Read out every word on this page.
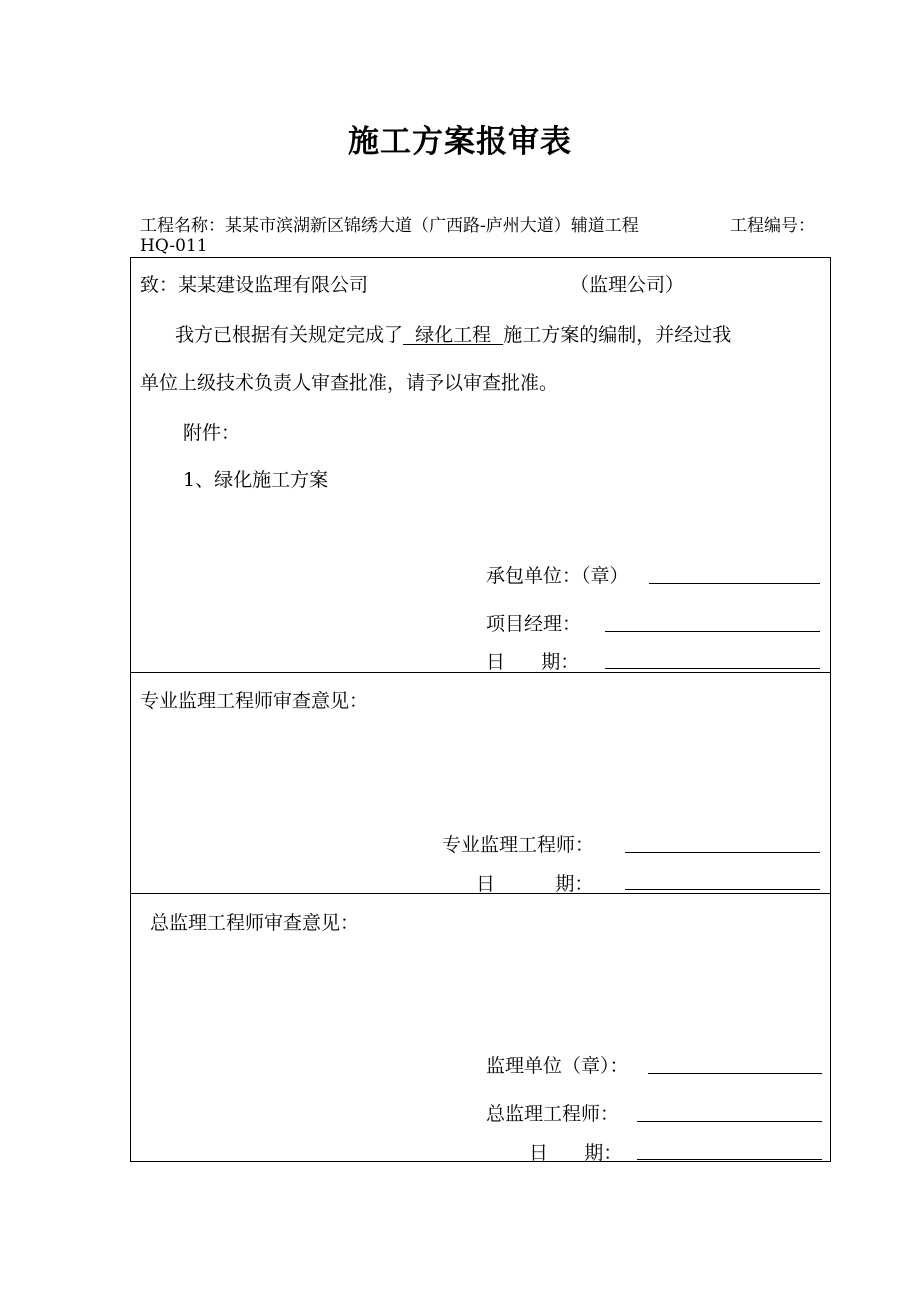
施工方案报审表
工程名称：某某市滨湖新区锦绣大道（广西路-庐州大道）辅道工程	工程编号：
HQ-011
致：某某建设监理有限公司	（监理公司）
我方已根据有关规定完成了  绿化工程  施工方案的编制，并经过我
单位上级技术负责人审查批准，请予以审查批准。
附件：
1、绿化施工方案
承包单位：（章）
项目经理：
日      期：
专业监理工程师审查意见：
专业监理工程师：
日          期：
总监理工程师审查意见：
监理单位（章）：
总监理工程师：
日      期：
